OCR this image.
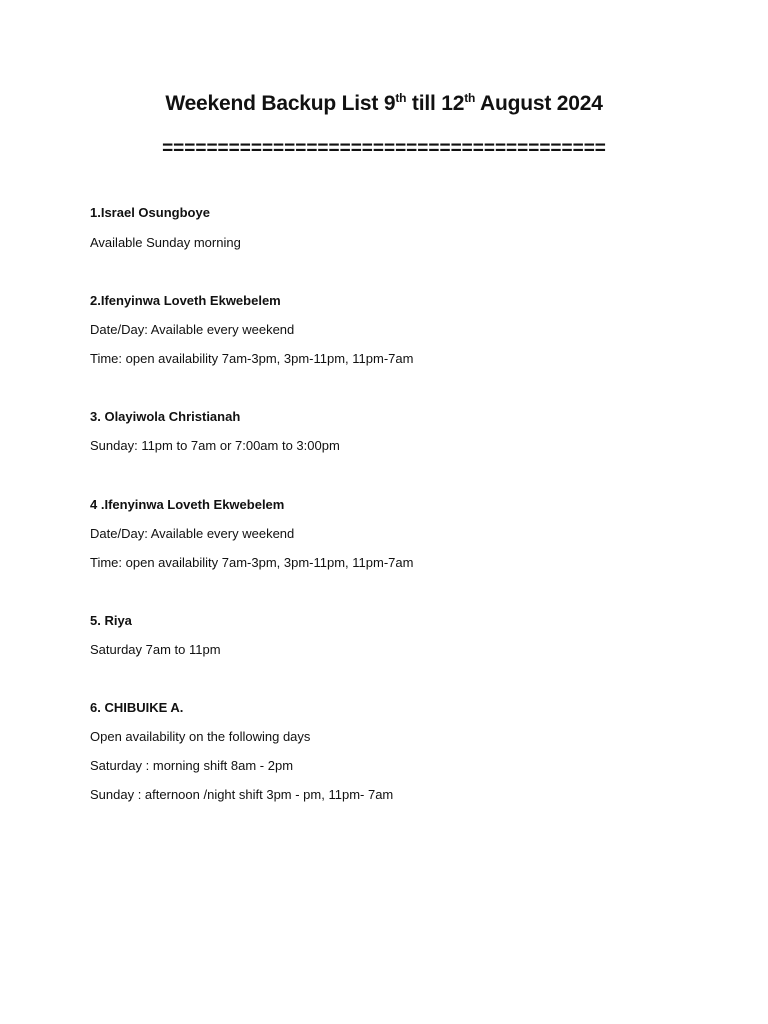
Weekend Backup List 9th till 12th August 2024
========================================
1.Israel Osungboye
Available Sunday morning
2.Ifenyinwa Loveth Ekwebelem
Date/Day: Available every weekend
Time: open availability 7am-3pm, 3pm-11pm, 11pm-7am
3. Olayiwola Christianah
Sunday: 11pm to 7am or 7:00am to 3:00pm
4 .Ifenyinwa Loveth Ekwebelem
Date/Day: Available every weekend
Time: open availability 7am-3pm, 3pm-11pm, 11pm-7am
5. Riya
Saturday 7am to 11pm
6. CHIBUIKE A.
Open availability on the following days
Saturday : morning shift 8am - 2pm
Sunday : afternoon /night shift 3pm - pm, 11pm- 7am
